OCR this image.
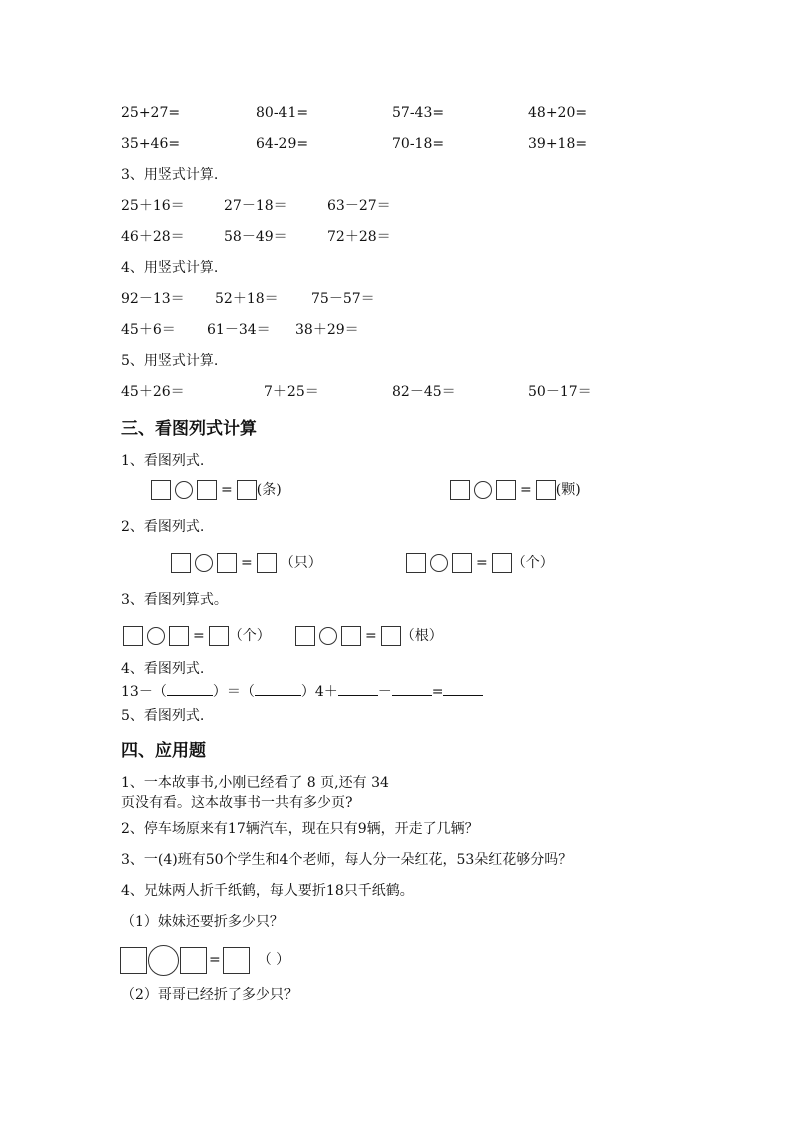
25+27=	80-41=	57-43=	48+20=
35+46=	64-29=	70-18=	39+18=
3、用竖式计算.
25＋16＝	27－18＝	63－27＝
46＋28＝	58－49＝	72＋28＝
4、用竖式计算.
92－13＝ 52＋18＝ 75－57＝
45＋6＝ 61－34＝ 38＋29＝
5、用竖式计算.
45＋26＝	7＋25＝	82－45＝	50－17＝
三、看图列式计算
1、看图列式.
= (条)	= (颗)
2、看图列式.
= （只）	= （个）
3、看图列算式。
= （个）	= （根）
4、看图列式.
13－（	）＝（	）4＋	－	=
5、看图列式.
四、应用题
1、一本故事书,小刚已经看了 8 页,还有 34
页没有看。这本故事书一共有多少页?
2、停车场原来有17辆汽车，现在只有9辆，开走了几辆？
3、一(4)班有50个学生和4个老师，每人分一朵红花，53朵红花够分吗？
4、兄妹两人折千纸鹤，每人要折18只千纸鹤。
（1）妹妹还要折多少只？
=	（ ）
（2）哥哥已经折了多少只？
